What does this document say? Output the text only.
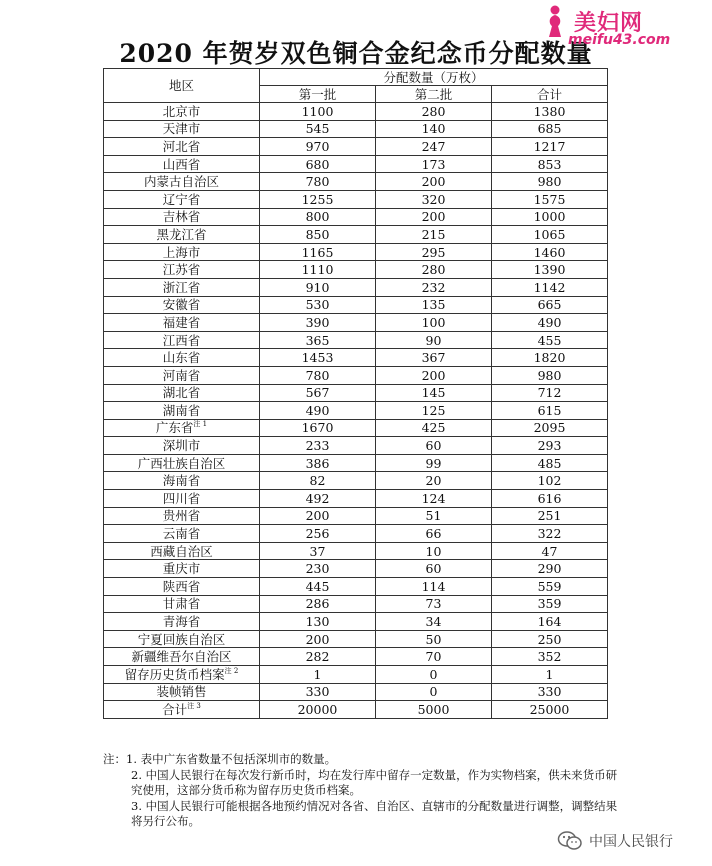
2020 年贺岁双色铜合金纪念币分配数量
美妇网
meifu43.com
地区	分配数量（万枚）		
	第一批	第二批	合计
北京市	1100	280	1380
天津市	545	140	685
河北省	970	247	1217
山西省	680	173	853
内蒙古自治区	780	200	980
辽宁省	1255	320	1575
吉林省	800	200	1000
黑龙江省	850	215	1065
上海市	1165	295	1460
江苏省	1110	280	1390
浙江省	910	232	1142
安徽省	530	135	665
福建省	390	100	490
江西省	365	90	455
山东省	1453	367	1820
河南省	780	200	980
湖北省	567	145	712
湖南省	490	125	615
广东省$^{注 1}$	1670	425	2095
深圳市	233	60	293
广西壮族自治区	386	99	485
海南省	82	20	102
四川省	492	124	616
贵州省	200	51	251
云南省	256	66	322
西藏自治区	37	10	47
重庆市	230	60	290
陕西省	445	114	559
甘肃省	286	73	359
青海省	130	34	164
宁夏回族自治区	200	50	250
新疆维吾尔自治区	282	70	352
留存历史货币档案$^{注 2}$	1	0	1
装帧销售	330	0	330
合计$^{注 3}$	20000	5000	25000

注：1. 表中广东省数量不包括深圳市的数量。

2. 中国人民银行在每次发行新币时，均在发行库中留存一定数量，作为实物档案，供未来货币研究使用，这部分货币称为留存历史货币档案。

3. 中国人民银行可能根据各地预约情况对各省、自治区、直辖市的分配数量进行调整，调整结果将另行公布。

中国人民银行
